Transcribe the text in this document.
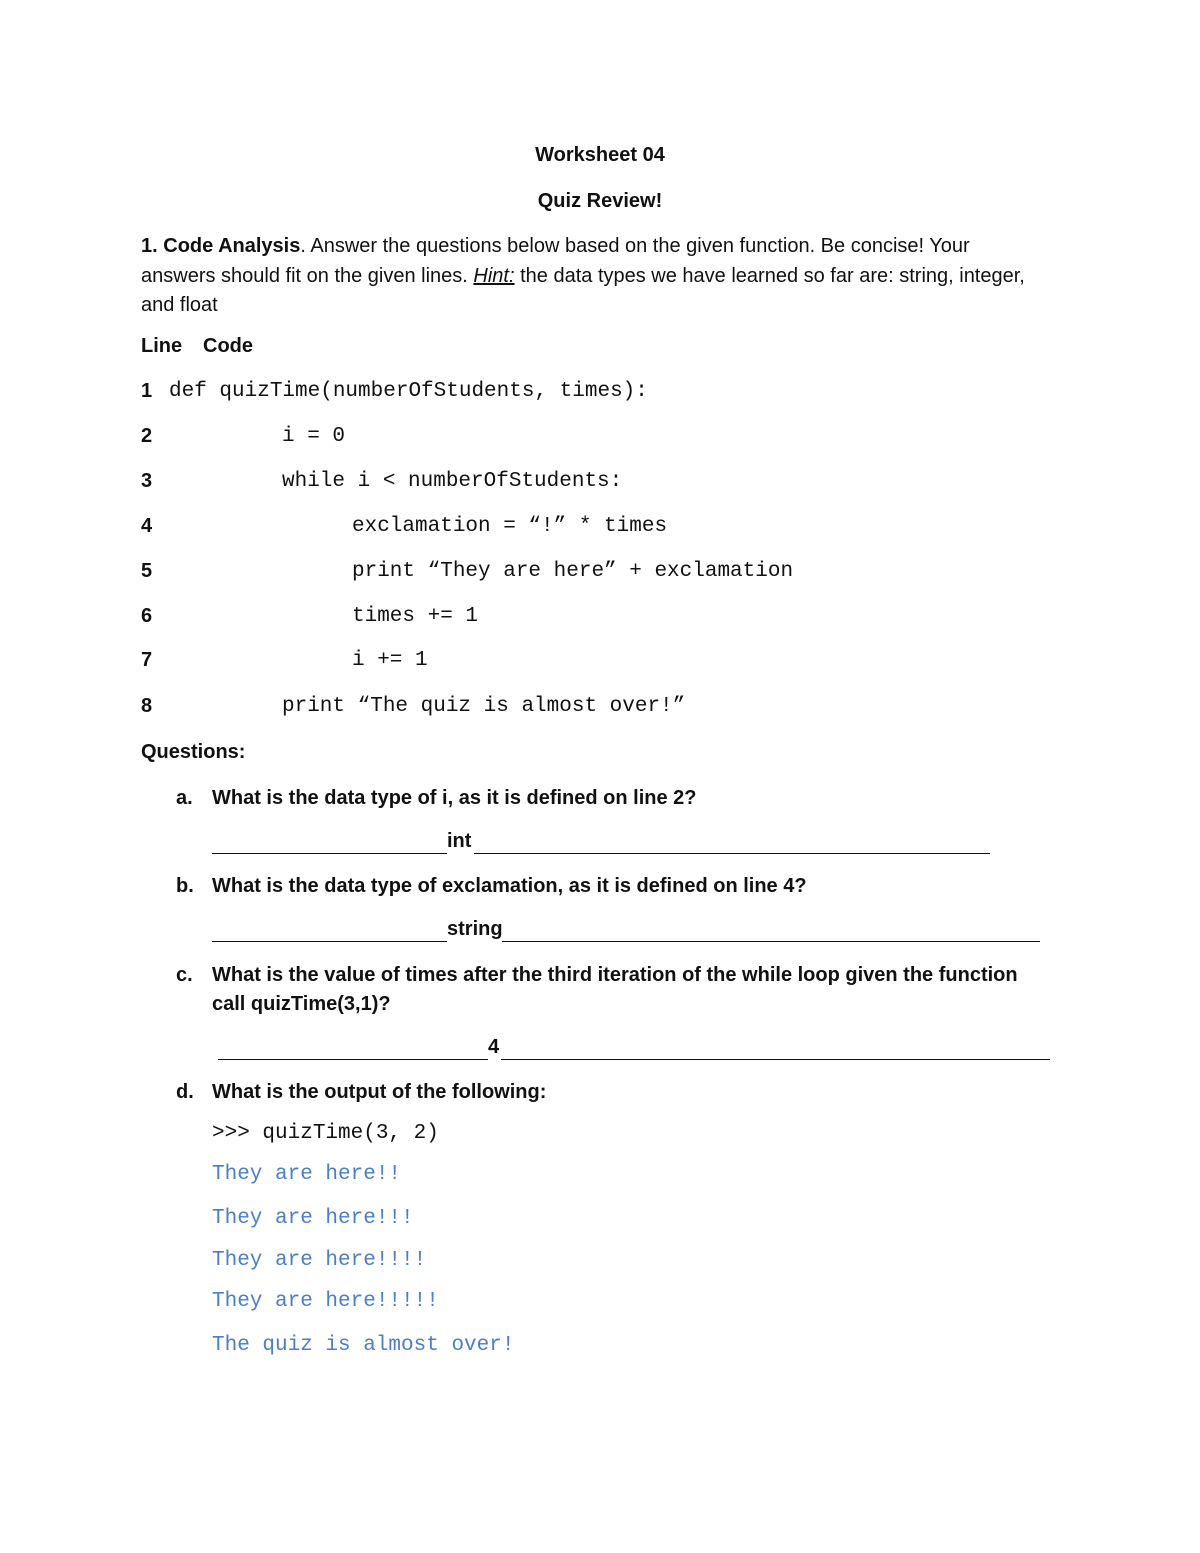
Worksheet 04
Quiz Review!
1. Code Analysis. Answer the questions below based on the given function. Be concise! Your answers should fit on the given lines. Hint: the data types we have learned so far are: string, integer, and float
Line Code
1 def quizTime(numberOfStudents, times):
2	i = 0
3	while i < numberOfStudents:
4	exclamation = “!” * times
5	print “They are here” + exclamation
6	times += 1
7	i += 1
8	print “The quiz is almost over!”
Questions:
a. What is the data type of i, as it is defined on line 2?
int
b. What is the data type of exclamation, as it is defined on line 4?
string
c. What is the value of times after the third iteration of the while loop given the function call quizTime(3,1)?
4
d. What is the output of the following:
>>> quizTime(3, 2)
They are here!!
They are here!!!
They are here!!!!
They are here!!!!!
The quiz is almost over!
